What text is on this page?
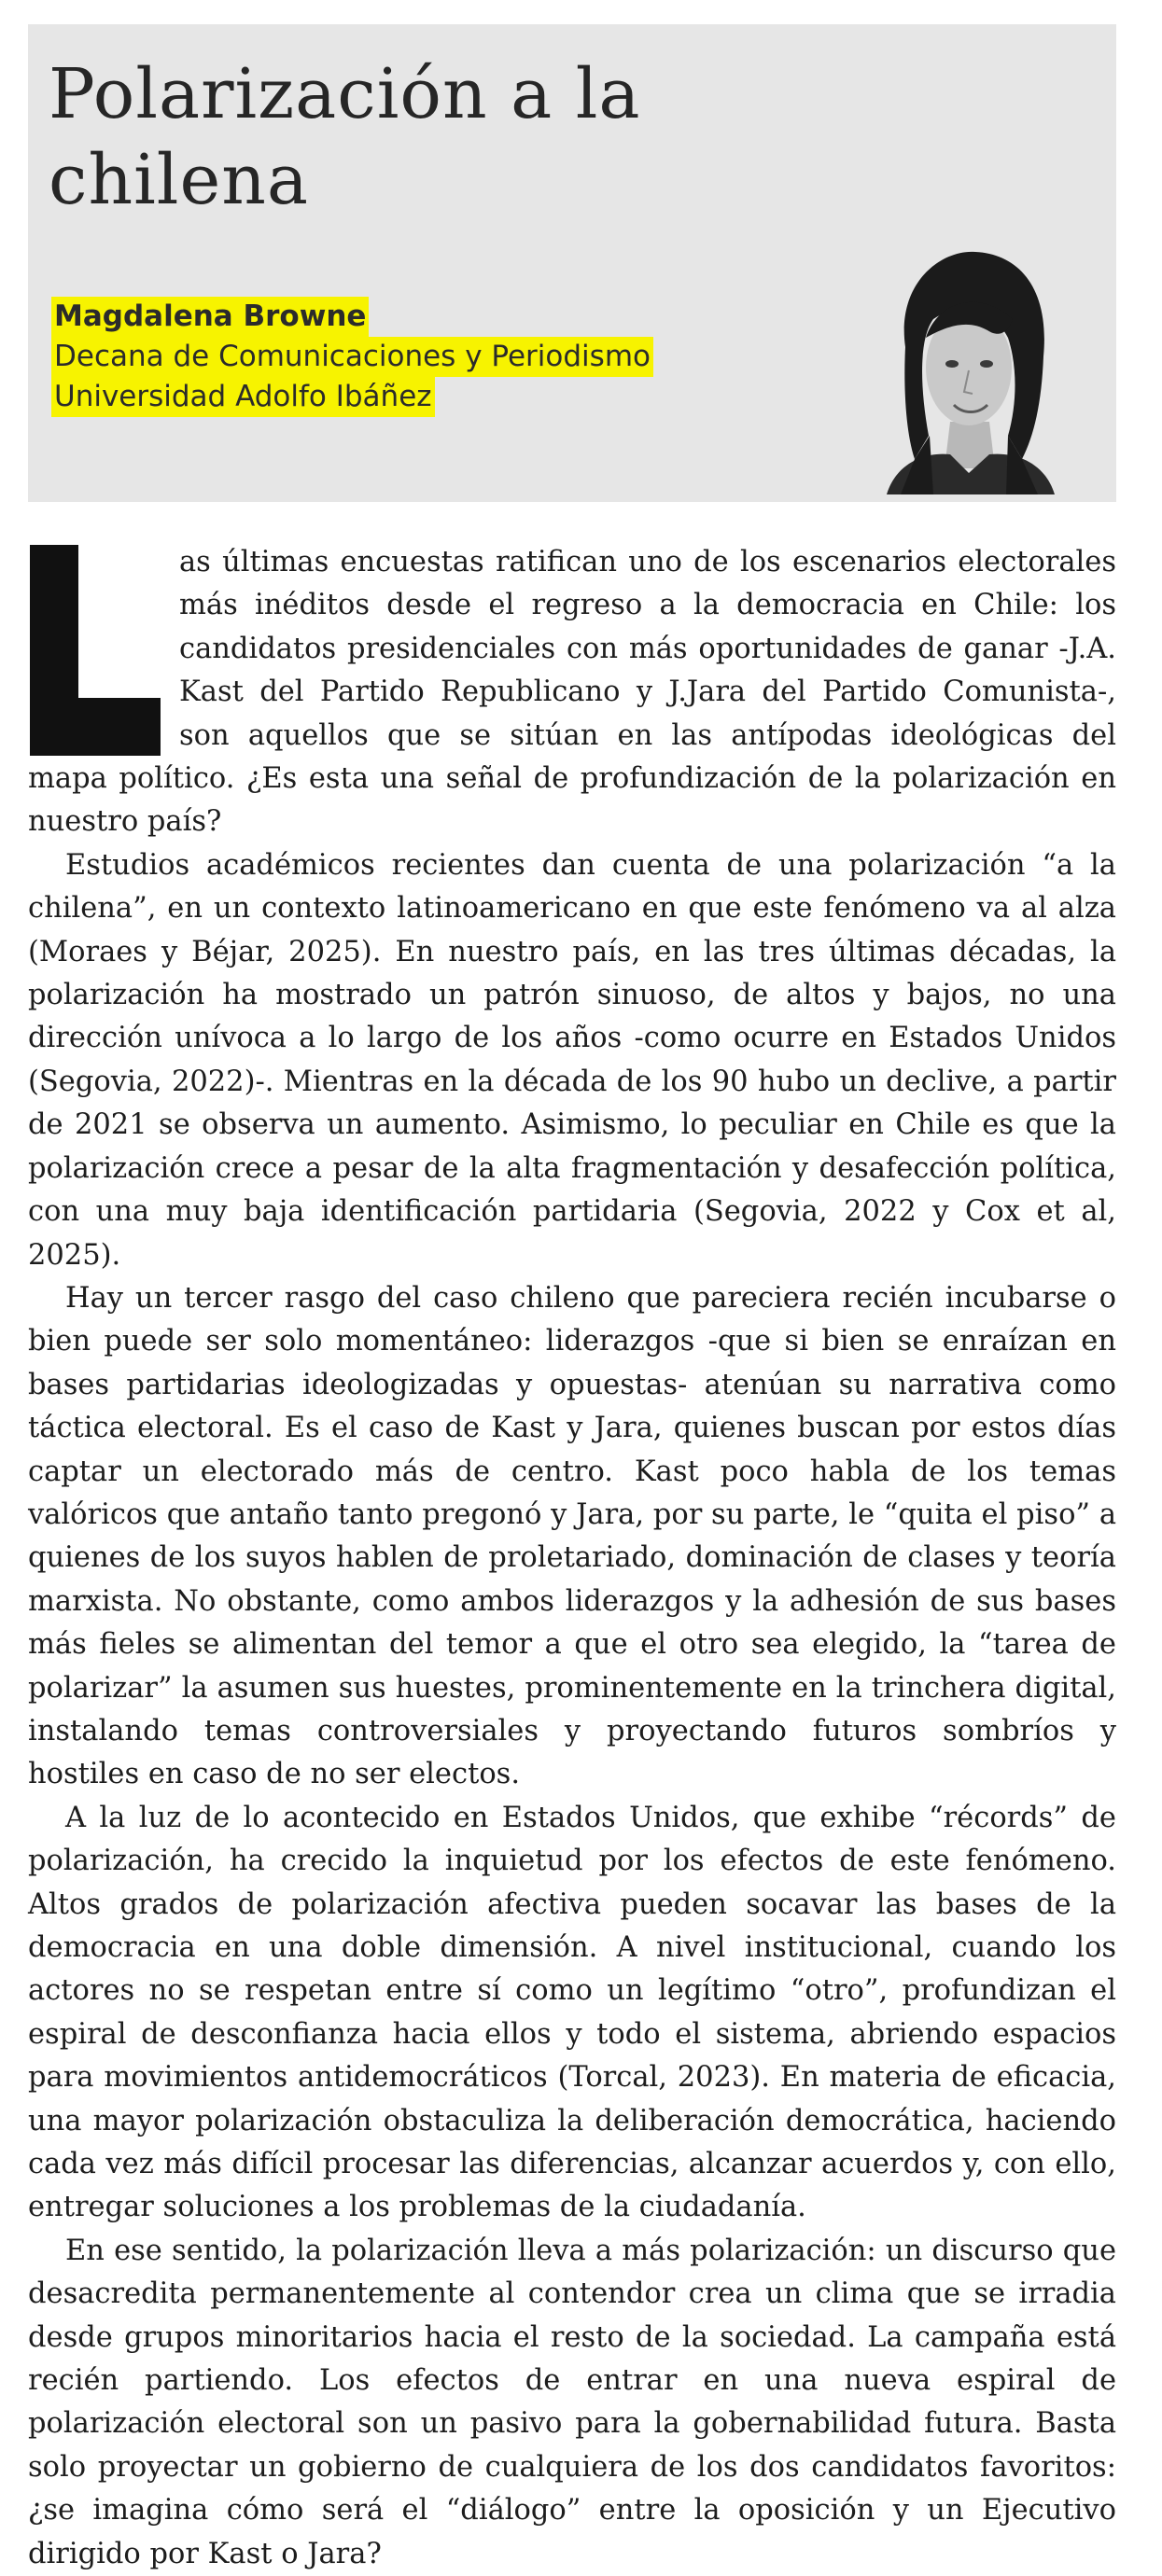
Polarización a la chilena
Magdalena Browne
Decana de Comunicaciones y Periodismo
Universidad Adolfo Ibáñez

as últimas encuestas ratifican uno de los escenarios electorales más inéditos desde el regreso a la democracia en Chile: los candidatos presidenciales con más oportunidades de ganar -J.A. Kast del Partido Republicano y J.Jara del Partido Comunista-, son aquellos que se sitúan en las antípodas ideológicas del mapa político. ¿Es esta una señal de profundización de la polarización en nuestro país?

Estudios académicos recientes dan cuenta de una polarización “a la chilena”, en un contexto latinoamericano en que este fenómeno va al alza (Moraes y Béjar, 2025). En nuestro país, en las tres últimas décadas, la polarización ha mostrado un patrón sinuoso, de altos y bajos, no una dirección unívoca a lo largo de los años -como ocurre en Estados Unidos (Segovia, 2022)-. Mientras en la década de los 90 hubo un declive, a partir de 2021 se observa un aumento. Asimismo, lo peculiar en Chile es que la polarización crece a pesar de la alta fragmentación y desafección política, con una muy baja identificación partidaria (Segovia, 2022 y Cox et al, 2025).

Hay un tercer rasgo del caso chileno que pareciera recién incubarse o bien puede ser solo momentáneo: liderazgos -que si bien se enraízan en bases partidarias ideologizadas y opuestas- atenúan su narrativa como táctica electoral. Es el caso de Kast y Jara, quienes buscan por estos días captar un electorado más de centro. Kast poco habla de los temas valóricos que antaño tanto pregonó y Jara, por su parte, le “quita el piso” a quienes de los suyos hablen de proletariado, dominación de clases y teoría marxista. No obstante, como ambos liderazgos y la adhesión de sus bases más fieles se alimentan del temor a que el otro sea elegido, la “tarea de polarizar” la asumen sus huestes, prominentemente en la trinchera digital, instalando temas controversiales y proyectando futuros sombríos y hostiles en caso de no ser electos.

A la luz de lo acontecido en Estados Unidos, que exhibe “récords” de polarización, ha crecido la inquietud por los efectos de este fenómeno. Altos grados de polarización afectiva pueden socavar las bases de la democracia en una doble dimensión. A nivel institucional, cuando los actores no se respetan entre sí como un legítimo “otro”, profundizan el espiral de desconfianza hacia ellos y todo el sistema, abriendo espacios para movimientos antidemocráticos (Torcal, 2023). En materia de eficacia, una mayor polarización obstaculiza la deliberación democrática, haciendo cada vez más difícil procesar las diferencias, alcanzar acuerdos y, con ello, entregar soluciones a los problemas de la ciudadanía.

En ese sentido, la polarización lleva a más polarización: un discurso que desacredita permanentemente al contendor crea un clima que se irradia desde grupos minoritarios hacia el resto de la sociedad. La campaña está recién partiendo. Los efectos de entrar en una nueva espiral de polarización electoral son un pasivo para la gobernabilidad futura. Basta solo proyectar un gobierno de cualquiera de los dos candidatos favoritos: ¿se imagina cómo será el “diálogo” entre la oposición y un Ejecutivo dirigido por Kast o Jara?
